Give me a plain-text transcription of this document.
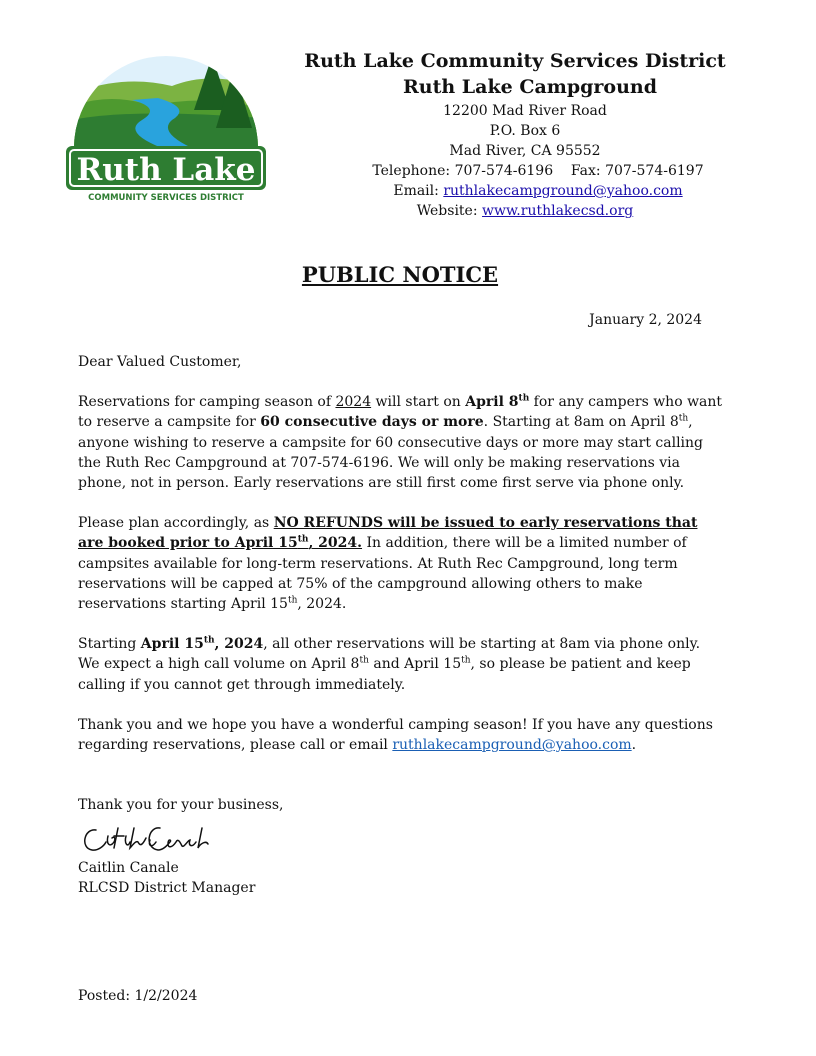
Ruth Lake
COMMUNITY SERVICES DISTRICT
Ruth Lake Community Services District
Ruth Lake Campground
12200 Mad River Road
P.O. Box 6
Mad River, CA 95552
Telephone: 707-574-6196    Fax: 707-574-6197
Email: ruthlakecampground@yahoo.com
Website: www.ruthlakecsd.org
PUBLIC NOTICE
January 2, 2024

Dear Valued Customer,

Reservations for camping season of 2024 will start on April 8th for any campers who want to reserve a campsite for 60 consecutive days or more. Starting at 8am on April 8th, anyone wishing to reserve a campsite for 60 consecutive days or more may start calling the Ruth Rec Campground at 707-574-6196. We will only be making reservations via phone, not in person. Early reservations are still first come first serve via phone only.

Please plan accordingly, as NO REFUNDS will be issued to early reservations that are booked prior to April 15th, 2024. In addition, there will be a limited number of campsites available for long-term reservations. At Ruth Rec Campground, long term reservations will be capped at 75% of the campground allowing others to make reservations starting April 15th, 2024.

Starting April 15th, 2024, all other reservations will be starting at 8am via phone only. We expect a high call volume on April 8th and April 15th, so please be patient and keep calling if you cannot get through immediately.

Thank you and we hope you have a wonderful camping season! If you have any questions regarding reservations, please call or email ruthlakecampground@yahoo.com.

Thank you for your business,

Caitlin Canale
RLCSD District Manager
Posted: 1/2/2024
